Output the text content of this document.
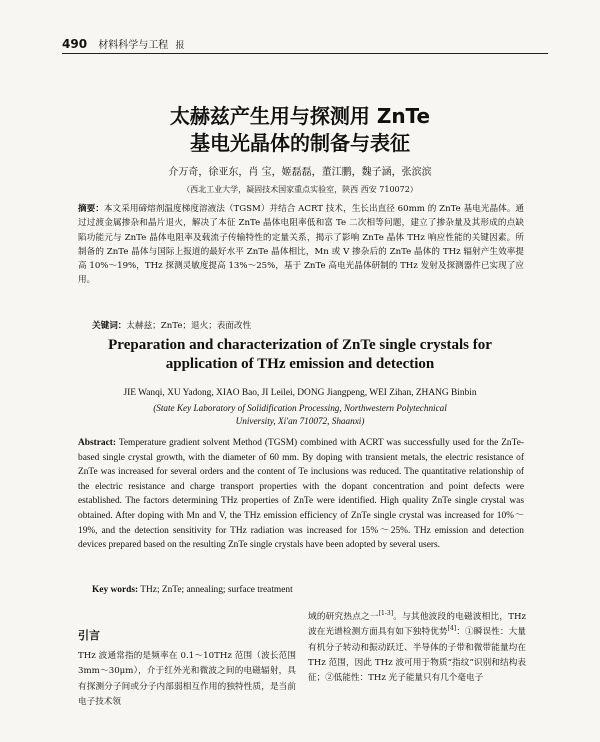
490 材料科学与工程 报
太赫兹产生用与探测用 ZnTe
基电光晶体的制备与表征
介万奇，徐亚东，肖 宝，姬磊磊，董江鹏，魏子涵，张滨滨
（西北工业大学，凝固技术国家重点实验室，陕西 西安 710072）
摘要：本文采用碲熔剂温度梯度溶液法（TGSM）并结合 ACRT 技术，生长出直径 60mm 的 ZnTe 基电光晶体。通过过渡金属掺杂和晶片退火，解决了本征 ZnTe 晶体电阻率低和富 Te 二次相等问题，建立了掺杂量及其形成的点缺陷功能元与 ZnTe 晶体电阻率及载流子传输特性的定量关系，揭示了影响 ZnTe 晶体 THz 响应性能的关键因素。所制备的 ZnTe 晶体与国际上报道的最好水平 ZnTe 晶体相比，Mn 或 V 掺杂后的 ZnTe 晶体的 THz 辐射产生效率提高 10%～19%，THz 探测灵敏度提高 13%～25%，基于 ZnTe 高电光晶体研制的 THz 发射及探测器件已实现了应用。
关键词：太赫兹；ZnTe；退火；表面改性
Preparation and characterization of ZnTe single crystals for
application of THz emission and detection
JIE Wanqi, XU Yadong, XIAO Bao, JI Leilei, DONG Jiangpeng, WEI Zihan, ZHANG Binbin
(State Key Laboratory of Solidification Processing, Northwestern Polytechnical
University, Xi'an 710072, Shaanxi)
Abstract: Temperature gradient solvent Method (TGSM) combined with ACRT was successfully used for the ZnTe-based single crystal growth, with the diameter of 60 mm. By doping with transient metals, the electric resistance of ZnTe was increased for several orders and the content of Te inclusions was reduced. The quantitative relationship of the electric resistance and charge transport properties with the dopant concentration and point defects were established. The factors determining THz properties of ZnTe were identified. High quality ZnTe single crystal was obtained. After doping with Mn and V, the THz emission efficiency of ZnTe single crystal was increased for 10%～19%, and the detection sensitivity for THz radiation was increased for 15%～25%. THz emission and detection devices prepared based on the resulting ZnTe single crystals have been adopted by several users.
Key words: THz; ZnTe; annealing; surface treatment
引言
THz 波通常指的是频率在 0.1～10THz 范围（波长范围 3mm～30μm），介于红外光和微波之间的电磁辐射，具有探测分子间或分子内部弱相互作用的独特性质，是当前电子技术领
域的研究热点之一[1-3]。与其他波段的电磁波相比，THz 波在光谱检测方面具有如下独特优势[4]：①瞬误性：大量有机分子转动和振动跃迁、半导体的子带和微带能量均在 THz 范围，因此 THz 波可用于物质“指纹”识别和结构表征；②低能性：THz 光子能量只有几个毫电子
